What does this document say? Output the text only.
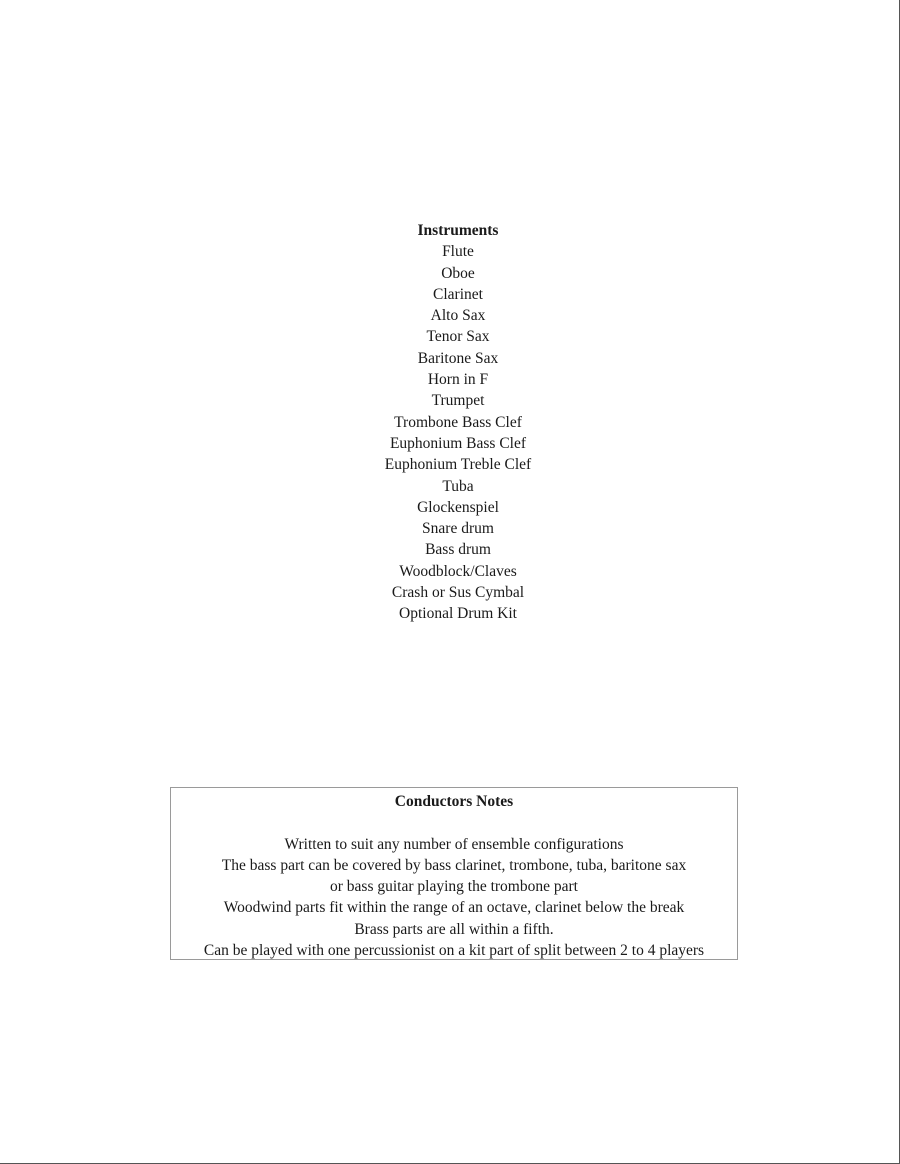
Instruments
Flute
Oboe
Clarinet
Alto Sax
Tenor Sax
Baritone Sax
Horn in F
Trumpet
Trombone Bass Clef
Euphonium Bass Clef
Euphonium Treble Clef
Tuba
Glockenspiel
Snare drum
Bass drum
Woodblock/Claves
Crash or Sus Cymbal
Optional Drum Kit
Conductors Notes
Written to suit any number of ensemble configurations
The bass part can be covered by bass clarinet, trombone, tuba, baritone sax
or bass guitar playing the trombone part
Woodwind parts fit within the range of an octave, clarinet below the break
Brass parts are all within a fifth.
Can be played with one percussionist on a kit part of split between 2 to 4 players
